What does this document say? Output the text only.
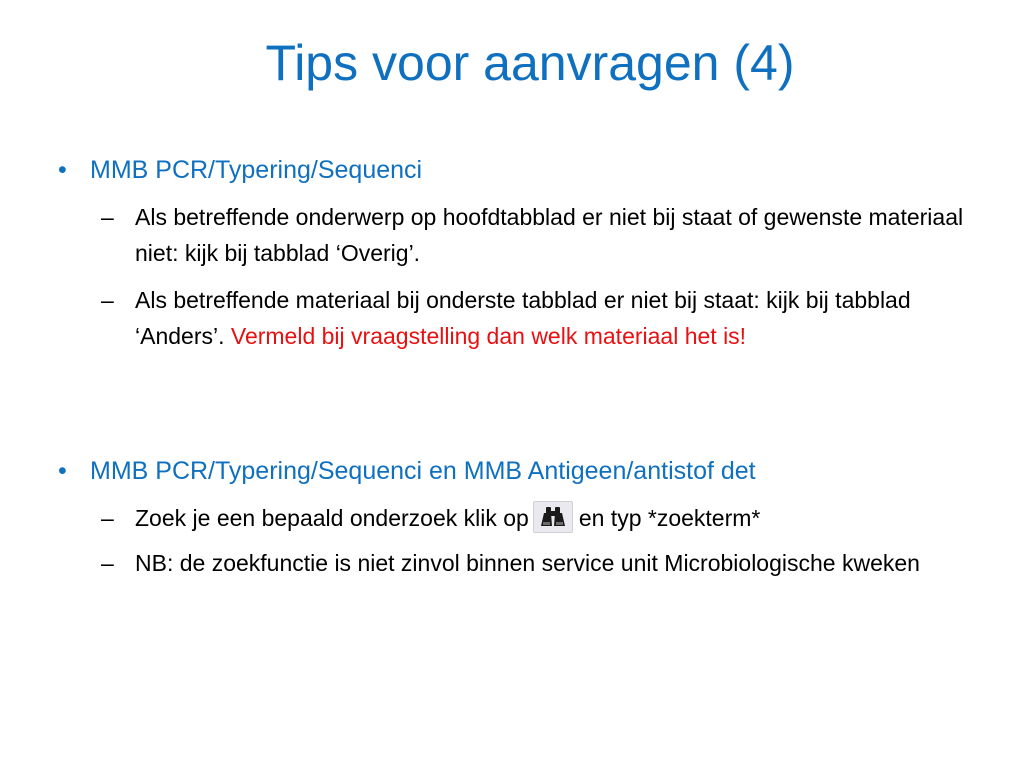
Tips voor aanvragen (4)
• MMB PCR/Typering/Sequenci
– Als betreffende onderwerp op hoofdtabblad er niet bij staat of gewenste materiaal niet: kijk bij tabblad ‘Overig’.
– Als betreffende materiaal bij onderste tabblad er niet bij staat: kijk bij tabblad ‘Anders’. Vermeld bij vraagstelling dan welk materiaal het is!
• MMB PCR/Typering/Sequenci en MMB Antigeen/antistof det
– Zoek je een bepaald onderzoek klik op en typ *zoekterm*
– NB: de zoekfunctie is niet zinvol binnen service unit Microbiologische kweken
